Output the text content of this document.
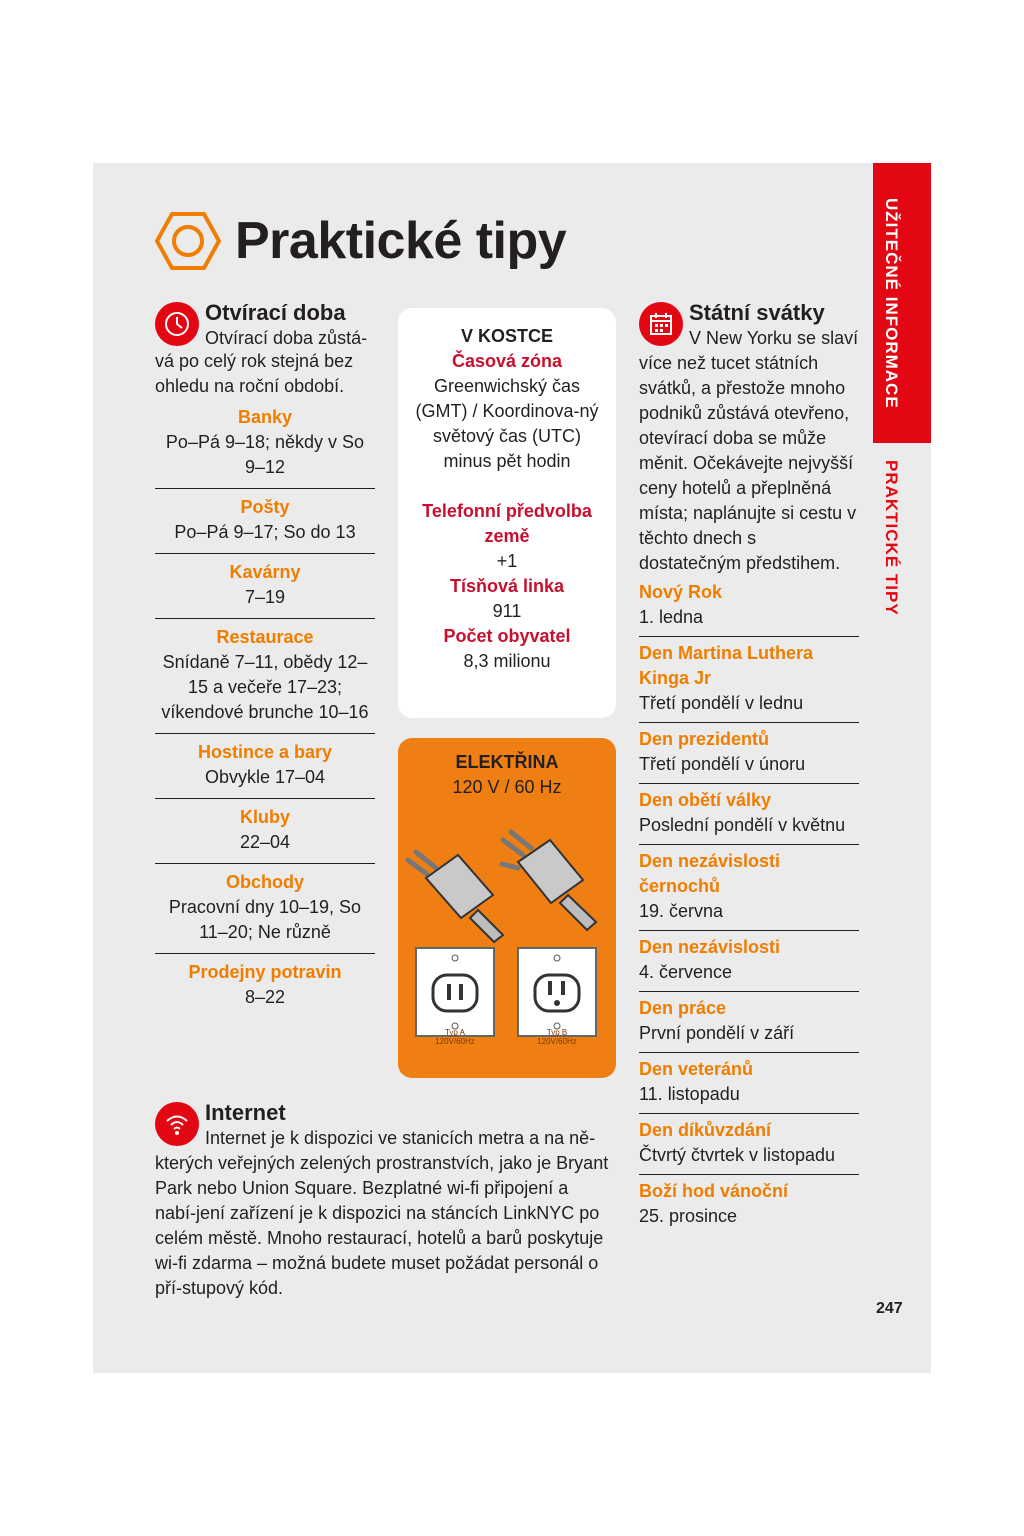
UŽITEČNÉ INFORMACE
PRAKTICKÉ TIPY
Praktické tipy
Otvírací doba
Otvírací doba zůstá-
vá po celý rok stejná bez ohledu na roční období.
Banky
Po–Pá 9–18; někdy v So 9–12
Pošty
Po–Pá 9–17; So do 13
Kavárny
7–19
Restaurace
Snídaně 7–11, obědy 12–15 a večeře 17–23; víkendové brunche 10–16
Hostince a bary
Obvykle 17–04
Kluby
22–04
Obchody
Pracovní dny 10–19, So 11–20; Ne různě
Prodejny potravin
8–22
V KOSTCE
Časová zóna
Greenwichský čas (GMT) / Koordinova-ný světový čas (UTC) minus pět hodin
Telefonní předvolba země
+1
Tísňová linka
911
Počet obyvatel
8,3 milionu
ELEKTŘINA
120 V / 60 Hz
Typ A
120V/60Hz
Typ B
120V/60Hz
Státní svátky
V New Yorku se slaví
více než tucet státních svátků, a přestože mnoho podniků zůstává otevřeno, otevírací doba se může měnit. Očekávejte nejvyšší ceny hotelů a přeplněná místa; naplánujte si cestu v těchto dnech s dostatečným předstihem.
Nový Rok
1. ledna
Den Martina Luthera Kinga Jr
Třetí pondělí v lednu
Den prezidentů
Třetí pondělí v únoru
Den obětí války
Poslední pondělí v květnu
Den nezávislosti černochů
19. června
Den nezávislosti
4. července
Den práce
První pondělí v září
Den veteránů
11. listopadu
Den díkůvzdání
Čtvrtý čtvrtek v listopadu
Boží hod vánoční
25. prosince
Internet
Internet je k dispozici ve stanicích metra a na ně-
kterých veřejných zelených prostranstvích, jako je Bryant Park nebo Union Square. Bezplatné wi-fi připojení a nabí-jení zařízení je k dispozici na stáncích LinkNYC po celém městě. Mnoho restaurací, hotelů a barů poskytuje wi-fi zdarma – možná budete muset požádat personál o pří-stupový kód.
247
